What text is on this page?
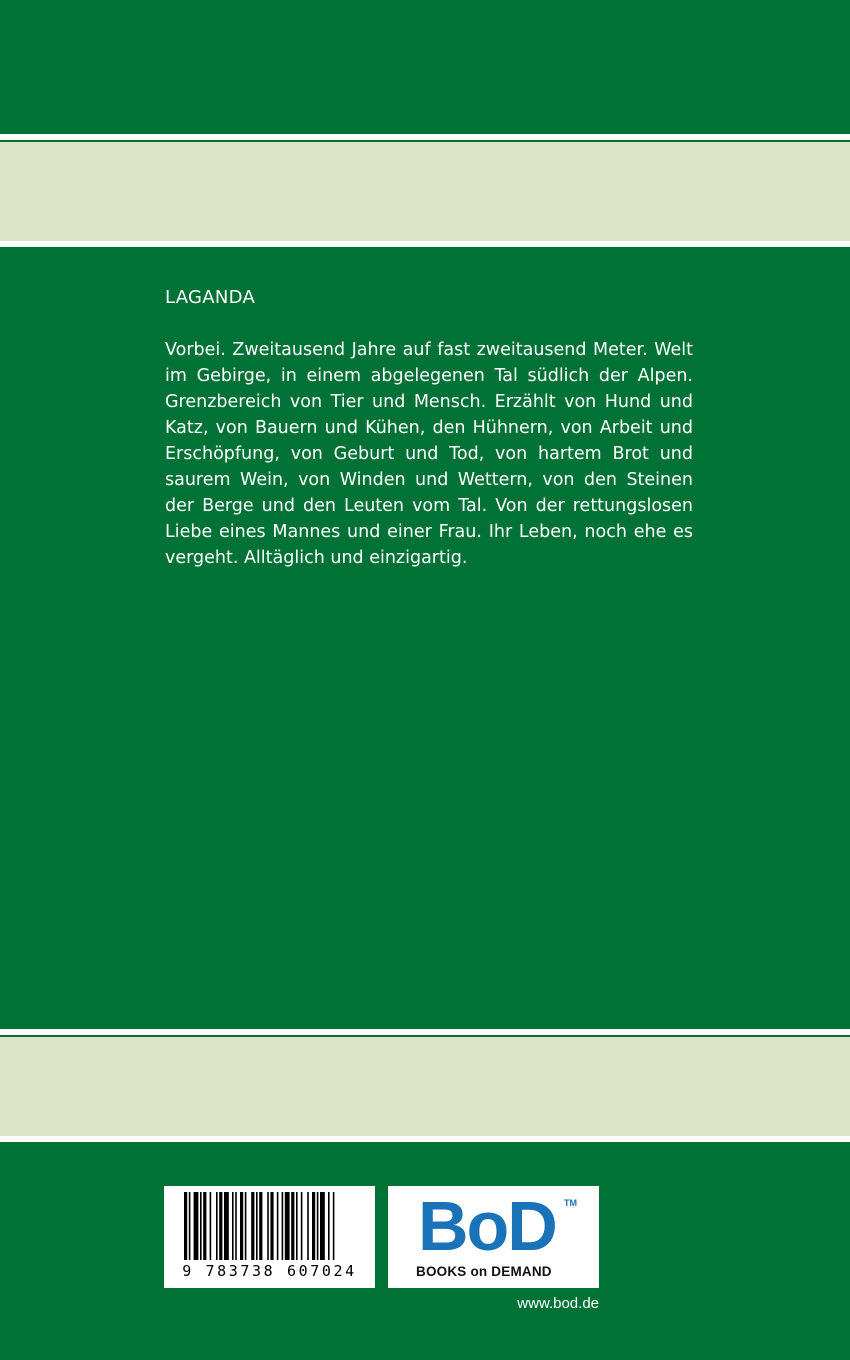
LAGANDA

Vorbei. Zweitausend Jahre auf fast zweitausend Meter. Welt im Gebirge, in einem abgelegenen Tal südlich der Alpen. Grenzbereich von Tier und Mensch. Erzählt von Hund und Katz, von Bauern und Kühen, den Hühnern, von Arbeit und Erschöpfung, von Geburt und Tod, von hartem Brot und saurem Wein, von Winden und Wettern, von den Steinen der Berge und den Leuten vom Tal. Von der rettungslosen Liebe eines Mannes und einer Frau. Ihr Leben, noch ehe es vergeht. Alltäglich und einzigartig.

9 783738 607024
BoD TM
BOOKS on DEMAND
www.bod.de
